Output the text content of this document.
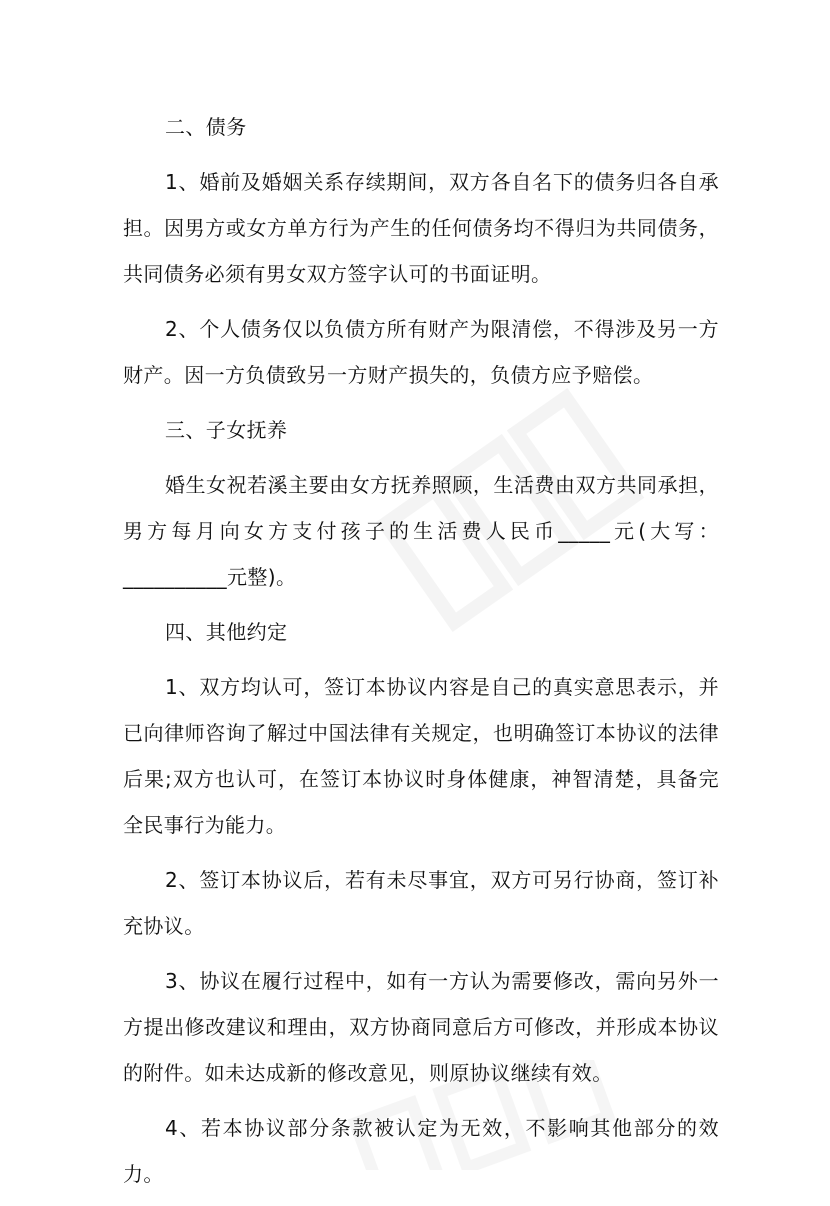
二、债务

1、婚前及婚姻关系存续期间，双方各自名下的债务归各自承担。因男方或女方单方行为产生的任何债务均不得归为共同债务，共同债务必须有男女双方签字认可的书面证明。

2、个人债务仅以负债方所有财产为限清偿，不得涉及另一方财产。因一方负债致另一方财产损失的，负债方应予赔偿。

三、子女抚养

婚生女祝若溪主要由女方抚养照顾，生活费由双方共同承担，男方每月向女方支付孩子的生活费人民币_____元(大写：__________元整)。

四、其他约定

1、双方均认可，签订本协议内容是自己的真实意思表示，并已向律师咨询了解过中国法律有关规定，也明确签订本协议的法律后果;双方也认可，在签订本协议时身体健康，神智清楚，具备完全民事行为能力。

2、签订本协议后，若有未尽事宜，双方可另行协商，签订补充协议。

3、协议在履行过程中，如有一方认为需要修改，需向另外一方提出修改建议和理由，双方协商同意后方可修改，并形成本协议的附件。如未达成新的修改意见，则原协议继续有效。

4、若本协议部分条款被认定为无效，不影响其他部分的效力。
